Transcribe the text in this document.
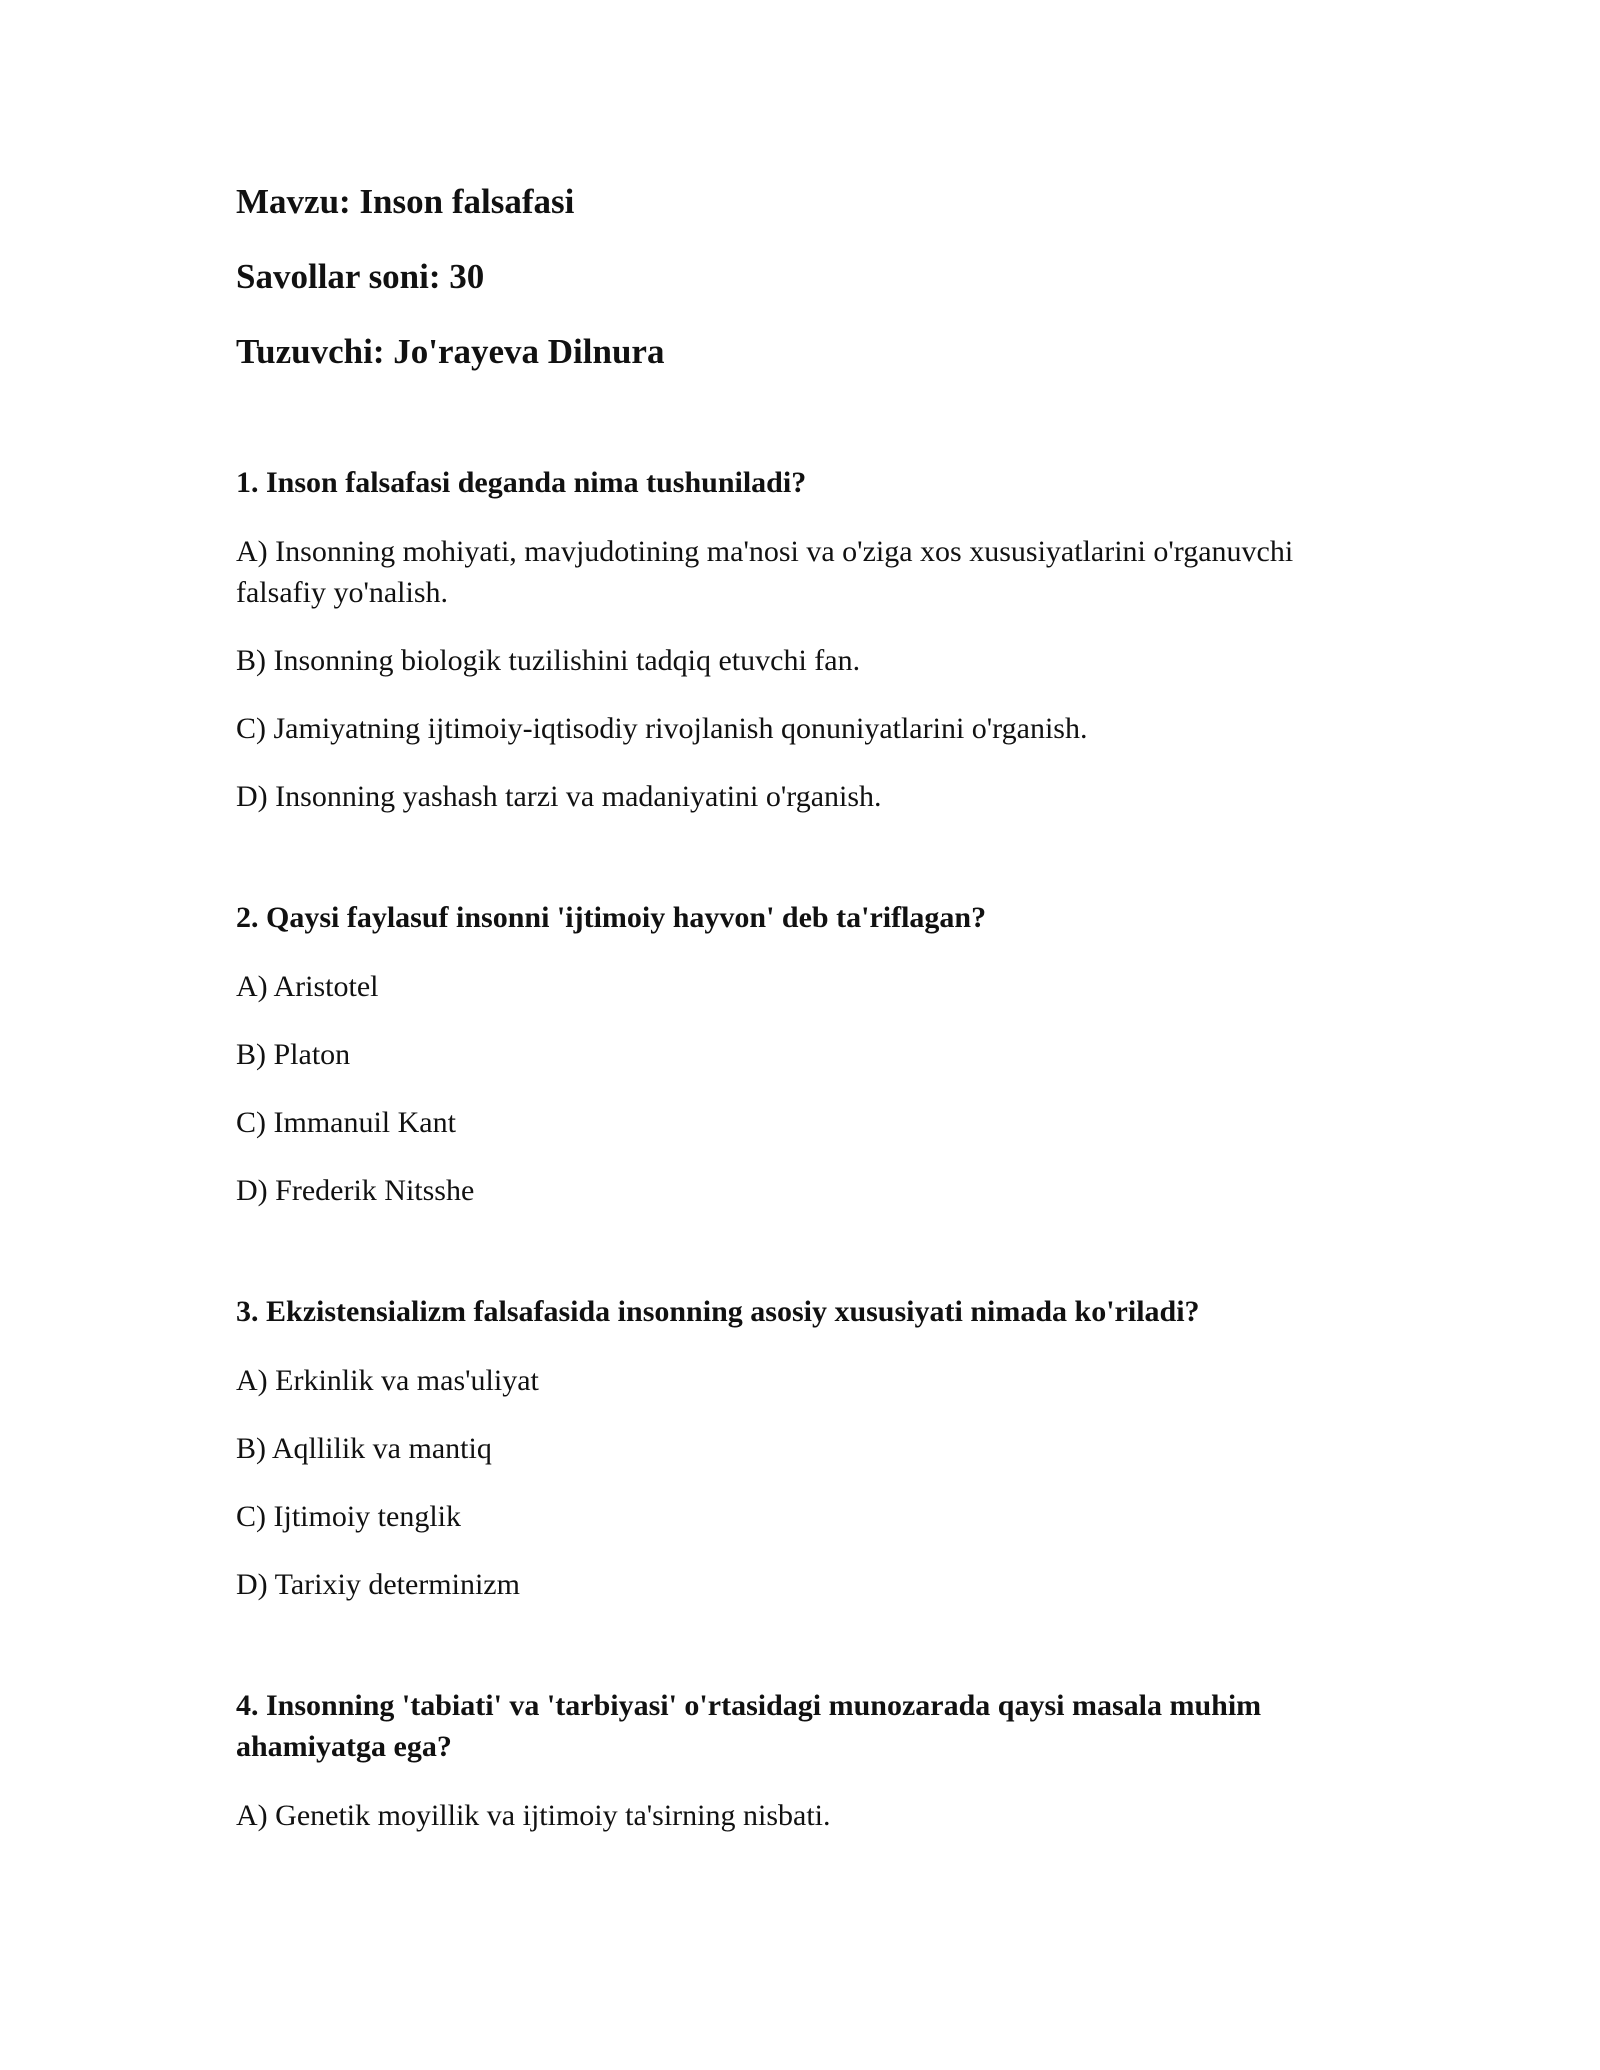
Mavzu: Inson falsafasi
Savollar soni: 30
Tuzuvchi: Jo'rayeva Dilnura
1. Inson falsafasi deganda nima tushuniladi?
A) Insonning mohiyati, mavjudotining ma'nosi va o'ziga xos xususiyatlarini o'rganuvchi falsafiy yo'nalish.
B) Insonning biologik tuzilishini tadqiq etuvchi fan.
C) Jamiyatning ijtimoiy-iqtisodiy rivojlanish qonuniyatlarini o'rganish.
D) Insonning yashash tarzi va madaniyatini o'rganish.
2. Qaysi faylasuf insonni 'ijtimoiy hayvon' deb ta'riflagan?
A) Aristotel
B) Platon
C) Immanuil Kant
D) Frederik Nitsshe
3. Ekzistensializm falsafasida insonning asosiy xususiyati nimada ko'riladi?
A) Erkinlik va mas'uliyat
B) Aqllilik va mantiq
C) Ijtimoiy tenglik
D) Tarixiy determinizm
4. Insonning 'tabiati' va 'tarbiyasi' o'rtasidagi munozarada qaysi masala muhim ahamiyatga ega?
A) Genetik moyillik va ijtimoiy ta'sirning nisbati.
